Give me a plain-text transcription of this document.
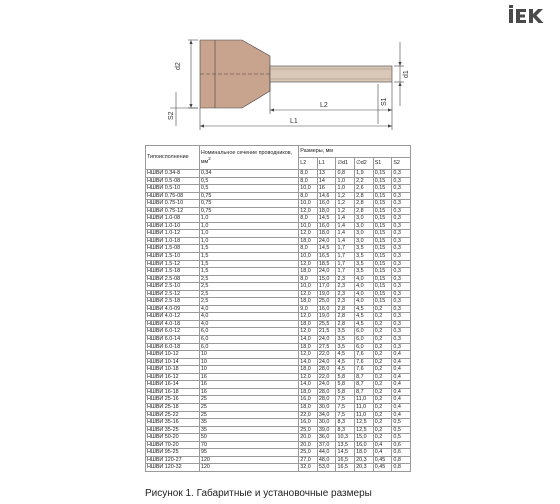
d2
d1
L2
L1
S1
S2
Типоисполнение	Номинальное сечение проводников,
$мм^2$	Размеры, мм					
		L2	L1	∅d1	∅d2	S1	S2
НШВИ 0.34-8	0,34	8,0	13	0,8	1,9	0,15	0,3
НШВИ 0.5-08	0,5	8,0	14	1,0	2,2	0,15	0,3
НШВИ 0.5-10	0,5	10,0	16	1,0	2,6	0,15	0,3
НШВИ 0.75-08	0,75	8,0	14,6	1,2	2,8	0,15	0,3
НШВИ 0.75-10	0,75	10,0	16,0	1,2	2,8	0,15	0,3
НШВИ 0.75-12	0,75	12,0	18,0	1,2	2,8	0,15	0,3
НШВИ 1.0-08	1,0	8,0	14,5	1,4	3,0	0,15	0,3
НШВИ 1.0-10	1,0	10,0	16,0	1,4	3,0	0,15	0,3
НШВИ 1.0-12	1,0	12,0	18,0	1,4	3,0	0,15	0,3
НШВИ 1.0-18	1,0	18,0	24,0	1,4	3,0	0,15	0,3
НШВИ 1.5-08	1,5	8,0	14,5	1,7	3,5	0,15	0,3
НШВИ 1.5-10	1,5	10,0	16,5	1,7	3,5	0,15	0,3
НШВИ 1.5-12	1,5	12,0	18,5	1,7	3,5	0,15	0,3
НШВИ 1.5-18	1,5	18,0	24,0	1,7	3,5	0,15	0,3
НШВИ 2.5-08	2,5	8,0	15,0	2,3	4,0	0,15	0,3
НШВИ 2.5-10	2,5	10,0	17,0	2,3	4,0	0,15	0,3
НШВИ 2.5-12	2,5	12,0	19,0	2,3	4,0	0,15	0,3
НШВИ 2.5-18	2,5	18,0	25,0	2,3	4,0	0,15	0,3
НШВИ 4.0-09	4,0	9,0	16,0	2,8	4,5	0,2	0,3
НШВИ 4.0-12	4,0	12,0	19,0	2,8	4,5	0,2	0,3
НШВИ 4.0-18	4,0	18,0	25,5	2,8	4,5	0,2	0,3
НШВИ 6.0-12	6,0	12,0	21,5	3,5	6,0	0,2	0,3
НШВИ 6.0-14	6,0	14,0	24,0	3,5	6,0	0,2	0,3
НШВИ 6.0-18	6,0	18,0	27,5	3,5	6,0	0,2	0,3
НШВИ 10-12	10	12,0	22,0	4,5	7,6	0,2	0,4
НШВИ 10-14	10	14,0	24,0	4,5	7,6	0,2	0,4
НШВИ 10-18	10	18,0	28,0	4,5	7,6	0,2	0,4
НШВИ 16-12	16	12,0	22,0	5,8	8,7	0,2	0,4
НШВИ 16-14	16	14,0	24,0	5,8	8,7	0,2	0,4
НШВИ 16-18	16	18,0	28,0	5,8	8,7	0,2	0,4
НШВИ 25-16	25	16,0	28,0	7,5	11,0	0,2	0,4
НШВИ 25-18	25	18,0	30,0	7,5	11,0	0,2	0,4
НШВИ 25-22	25	22,0	34,0	7,5	11,0	0,2	0,4
НШВИ 35-16	35	16,0	30,0	8,3	12,5	0,2	0,5
НШВИ 35-25	35	25,0	39,0	8,3	12,5	0,2	0,5
НШВИ 50-20	50	20,0	36,0	10,3	15,0	0,2	0,5
НШВИ 70-20	70	20,0	37,0	13,5	16,0	0,4	0,6
НШВИ 95-25	95	25,0	44,0	14,5	18,0	0,4	0,6
НШВИ 120-27	120	27,0	48,0	16,5	20,3	0,45	0,8
НШВИ 120-32	120	32,0	53,0	16,5	20,3	0,45	0,8
Рисунок 1. Габаритные и установочные размеры
